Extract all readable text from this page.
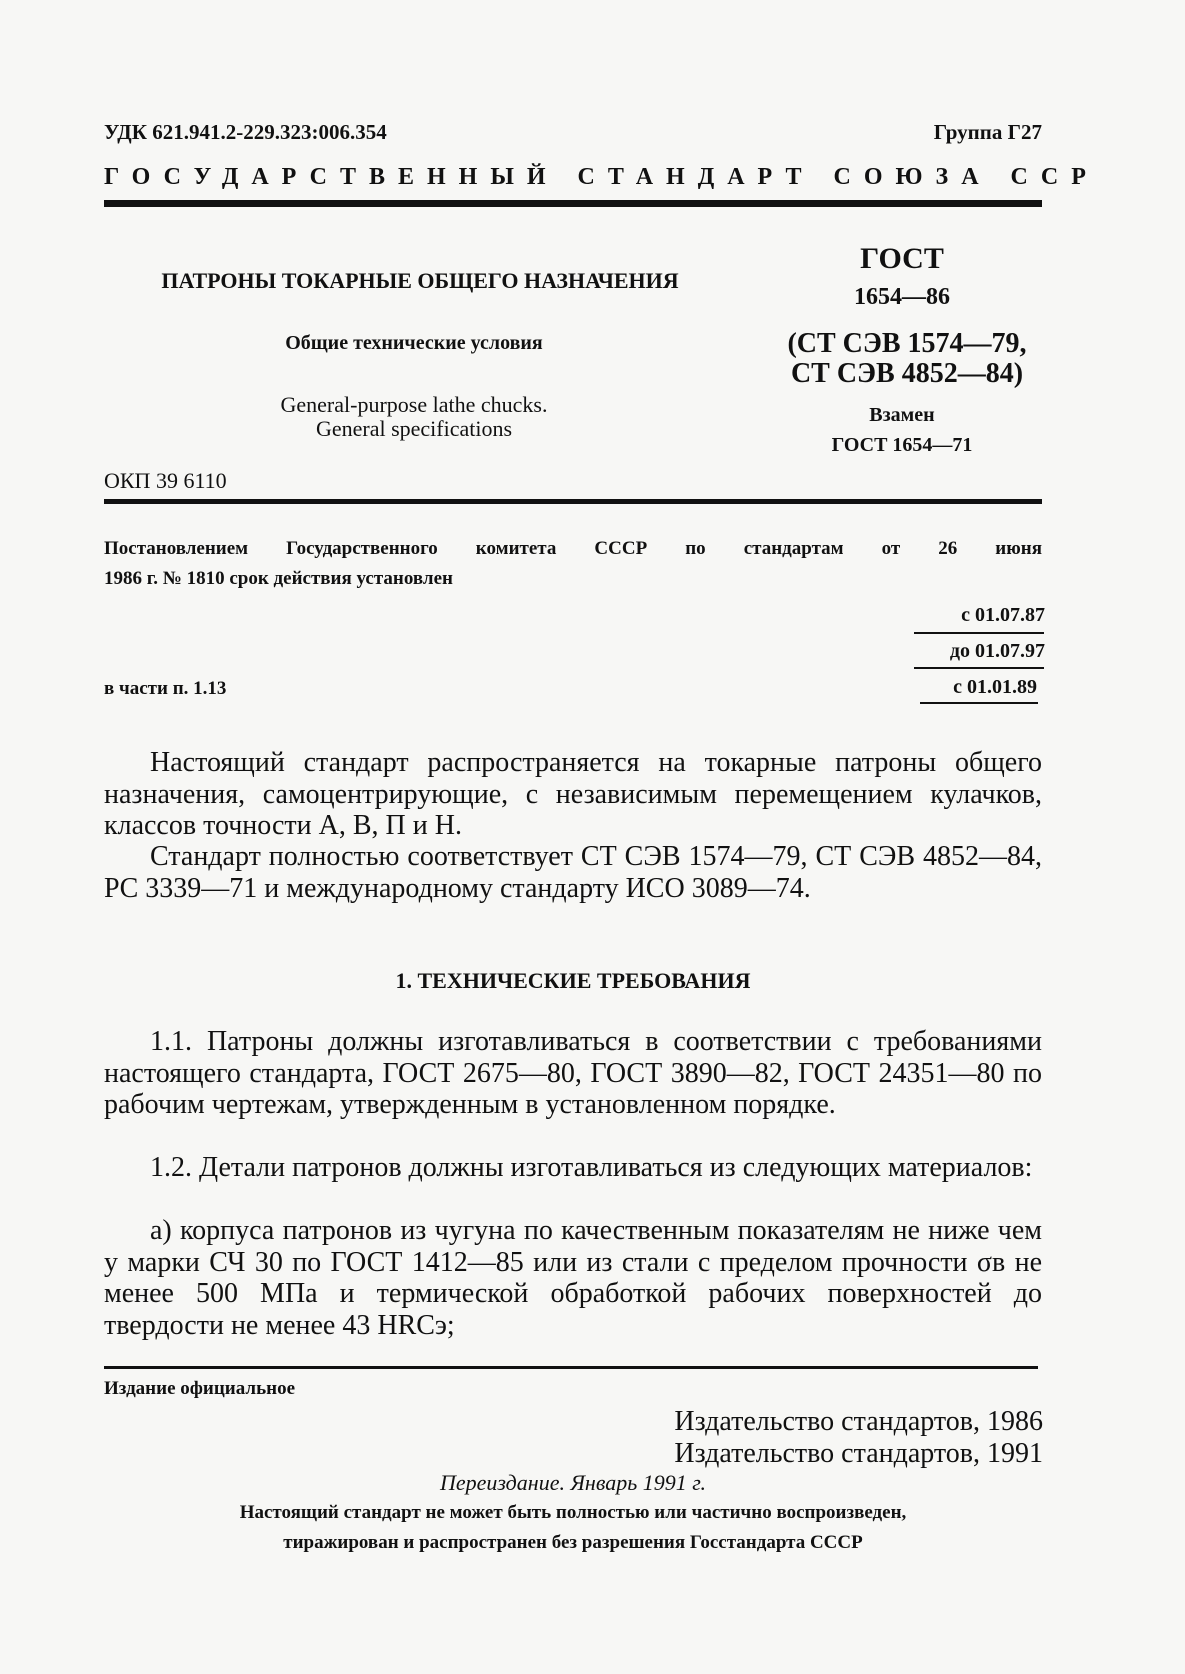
УДК 621.941.2-229.323:006.354	Группа Г27
ГОСУДАРСТВЕННЫЙ СТАНДАРТ СОЮЗА ССР
ПАТРОНЫ ТОКАРНЫЕ ОБЩЕГО НАЗНАЧЕНИЯ
Общие технические условия
General-purpose lathe chucks.
General specifications
ОКП 39 6110
ГОСТ
1654—86
(СТ СЭВ 1574—79,
СТ СЭВ 4852—84)
Взамен
ГОСТ 1654—71
Постановлением Государственного комитета СССР по стандартам от 26 июня
1986 г. № 1810 срок действия установлен
с 01.07.87
до 01.07.97
в части п. 1.13	с 01.01.89
Настоящий стандарт распространяется на токарные патроны общего назначения, самоцентрирующие, с независимым перемещением кулачков, классов точности А, В, П и Н.
Стандарт полностью соответствует СТ СЭВ 1574—79, СТ СЭВ 4852—84, PC 3339—71 и международному стандарту ИСО 3089—74.
1. ТЕХНИЧЕСКИЕ ТРЕБОВАНИЯ
1.1. Патроны должны изготавливаться в соответствии с требованиями настоящего стандарта, ГОСТ 2675—80, ГОСТ 3890—82, ГОСТ 24351—80 по рабочим чертежам, утвержденным в установленном порядке.
1.2. Детали патронов должны изготавливаться из следующих материалов:
а) корпуса патронов из чугуна по качественным показателям не ниже чем у марки СЧ 30 по ГОСТ 1412—85 или из стали с пределом прочности σв не менее 500 МПа и термической обработкой рабочих поверхностей до твердости не менее 43 HRCэ;
Издание официальное
Издательство стандартов, 1986
Издательство стандартов, 1991
Переиздание. Январь 1991 г.
Настоящий стандарт не может быть полностью или частично воспроизведен,
тиражирован и распространен без разрешения Госстандарта СССР
